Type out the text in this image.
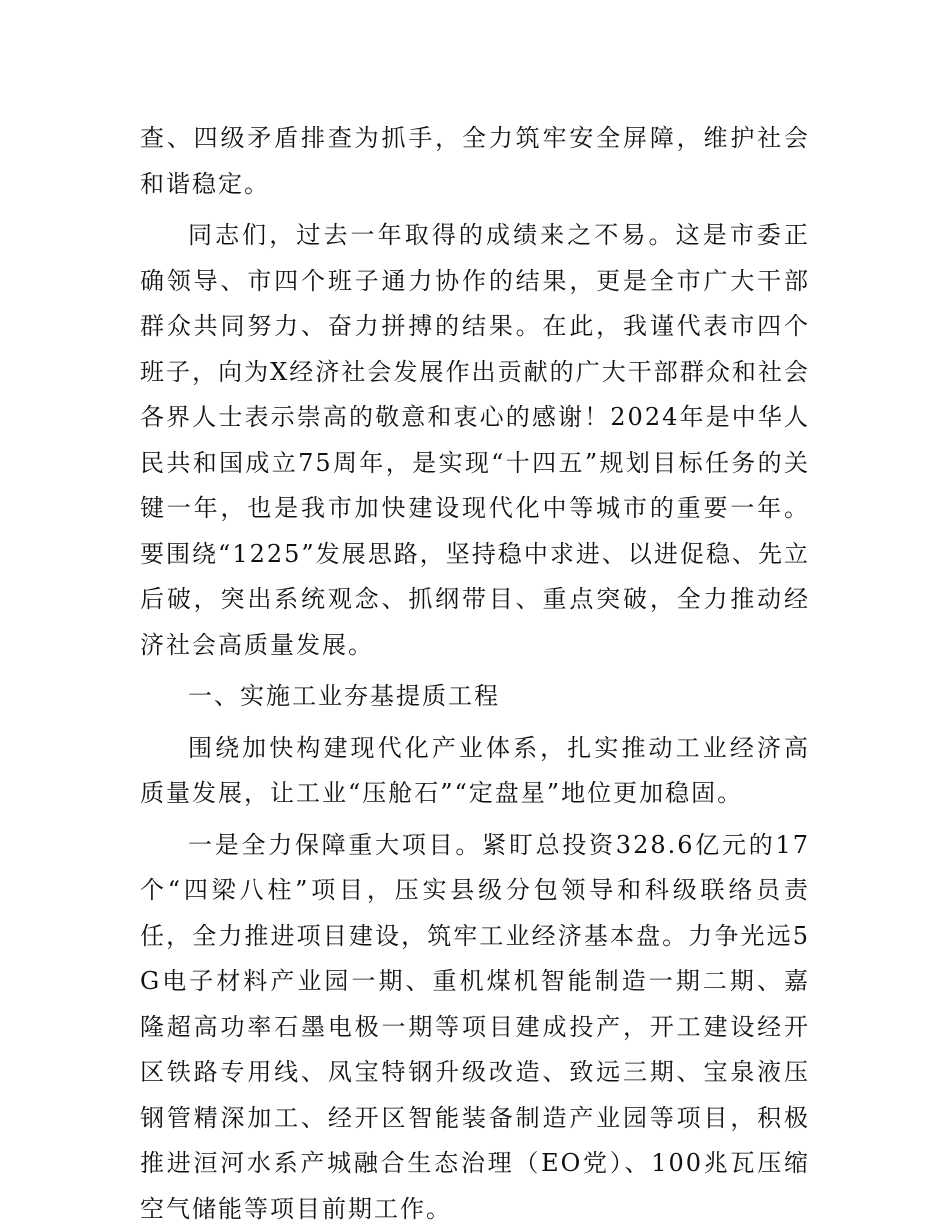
查、四级矛盾排查为抓手，全力筑牢安全屏障，维护社会和谐稳定。

同志们，过去一年取得的成绩来之不易。这是市委正确领导、市四个班子通力协作的结果，更是全市广大干部群众共同努力、奋力拼搏的结果。在此，我谨代表市四个班子，向为X经济社会发展作出贡献的广大干部群众和社会各界人士表示崇高的敬意和衷心的感谢！2024年是中华人民共和国成立75周年，是实现“十四五”规划目标任务的关键一年，也是我市加快建设现代化中等城市的重要一年。要围绕“1225”发展思路，坚持稳中求进、以进促稳、先立后破，突出系统观念、抓纲带目、重点突破，全力推动经济社会高质量发展。

一、实施工业夯基提质工程

围绕加快构建现代化产业体系，扎实推动工业经济高质量发展，让工业“压舱石”“定盘星”地位更加稳固。

一是全力保障重大项目。紧盯总投资328.6亿元的17个“四梁八柱”项目，压实县级分包领导和科级联络员责任，全力推进项目建设，筑牢工业经济基本盘。力争光远5G电子材料产业园一期、重机煤机智能制造一期二期、嘉隆超高功率石墨电极一期等项目建成投产，开工建设经开区铁路专用线、凤宝特钢升级改造、致远三期、宝泉液压钢管精深加工、经开区智能装备制造产业园等项目，积极推进洹河水系产城融合生态治理（EO党）、100兆瓦压缩空气储能等项目前期工作。
